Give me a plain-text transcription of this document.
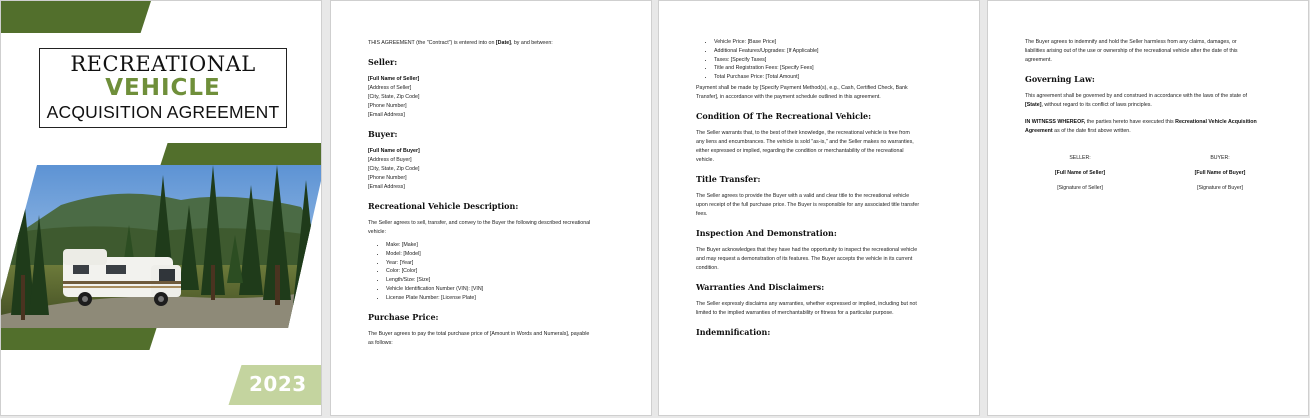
RECREATIONAL
VEHICLE
ACQUISITION AGREEMENT
2023
THIS AGREEMENT (the "Contract") is entered into on [Date], by and between:
Seller:
[Full Name of Seller]
[Address of Seller]
[City, State, Zip Code]
[Phone Number]
[Email Address]
Buyer:
[Full Name of Buyer]
[Address of Buyer]
[City, State, Zip Code]
[Phone Number]
[Email Address]
Recreational Vehicle Description:
The Seller agrees to sell, transfer, and convey to the Buyer the following described recreational
vehicle:
• Make: [Make]
• Model: [Model]
• Year: [Year]
• Color: [Color]
• Length/Size: [Size]
• Vehicle Identification Number (VIN): [VIN]
• License Plate Number: [License Plate]
Purchase Price:
The Buyer agrees to pay the total purchase price of [Amount in Words and Numerals], payable
as follows:
• Vehicle Price: [Base Price]
• Additional Features/Upgrades: [If Applicable]
• Taxes: [Specify Taxes]
• Title and Registration Fees: [Specify Fees]
• Total Purchase Price: [Total Amount]
Payment shall be made by [Specify Payment Method(s), e.g., Cash, Certified Check, Bank
Transfer], in accordance with the payment schedule outlined in this agreement.
Condition Of The Recreational Vehicle:
The Seller warrants that, to the best of their knowledge, the recreational vehicle is free from
any liens and encumbrances. The vehicle is sold "as-is," and the Seller makes no warranties,
either expressed or implied, regarding the condition or merchantability of the recreational
vehicle.
Title Transfer:
The Seller agrees to provide the Buyer with a valid and clear title to the recreational vehicle
upon receipt of the full purchase price. The Buyer is responsible for any associated title transfer
fees.
Inspection And Demonstration:
The Buyer acknowledges that they have had the opportunity to inspect the recreational vehicle
and may request a demonstration of its features. The Buyer accepts the vehicle in its current
condition.
Warranties And Disclaimers:
The Seller expressly disclaims any warranties, whether expressed or implied, including but not
limited to the implied warranties of merchantability or fitness for a particular purpose.
Indemnification:
The Buyer agrees to indemnify and hold the Seller harmless from any claims, damages, or
liabilities arising out of the use or ownership of the recreational vehicle after the date of this
agreement.
Governing Law:
This agreement shall be governed by and construed in accordance with the laws of the state of
[State], without regard to its conflict of laws principles.
IN WITNESS WHEREOF, the parties hereto have executed this Recreational Vehicle Acquisition
Agreement as of the date first above written.
SELLER:
[Full Name of Seller]
[Signature of Seller]
BUYER:
[Full Name of Buyer]
[Signature of Buyer]
